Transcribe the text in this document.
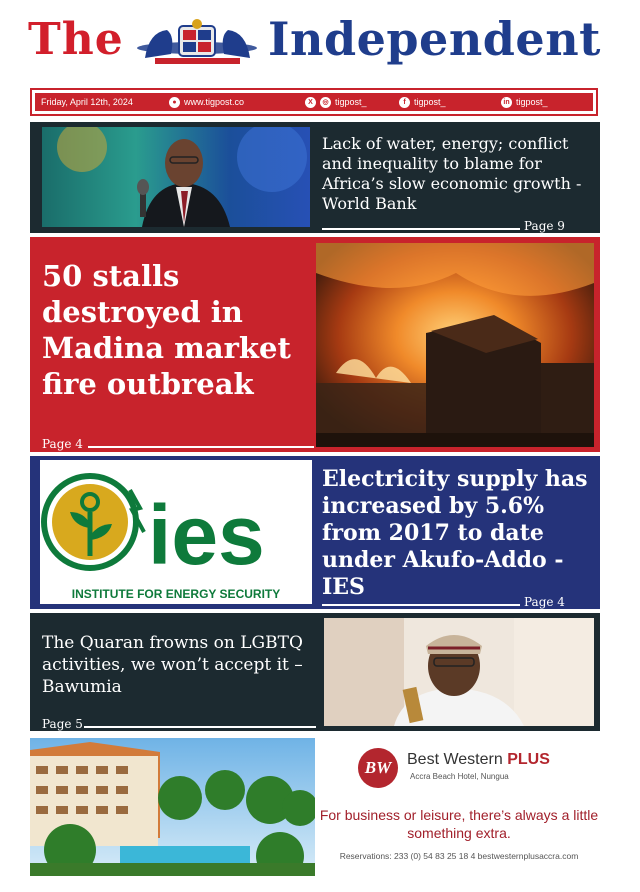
The	Independent
Friday, April 12th, 2024	● www.tigpost.co	X	◎ tigpost_	f tigpost_	in tigpost_
Lack of water, energy; conflict and inequality to blame for Africa’s slow economic growth - World Bank
Page 9
50 stalls destroyed in Madina market fire outbreak
Page 4
ies
INSTITUTE FOR ENERGY SECURITY
Electricity supply has increased by 5.6% from 2017 to date under Akufo-Addo - IES
Page 4
The Quaran frowns on LGBTQ activities, we won’t accept it – Bawumia
Page 5
BW Best Western PLUS
Accra Beach Hotel, Nungua
For business or leisure, there’s always a little something extra.
Reservations: 233 (0) 54 83 25 18 4 bestwesternplusaccra.com
